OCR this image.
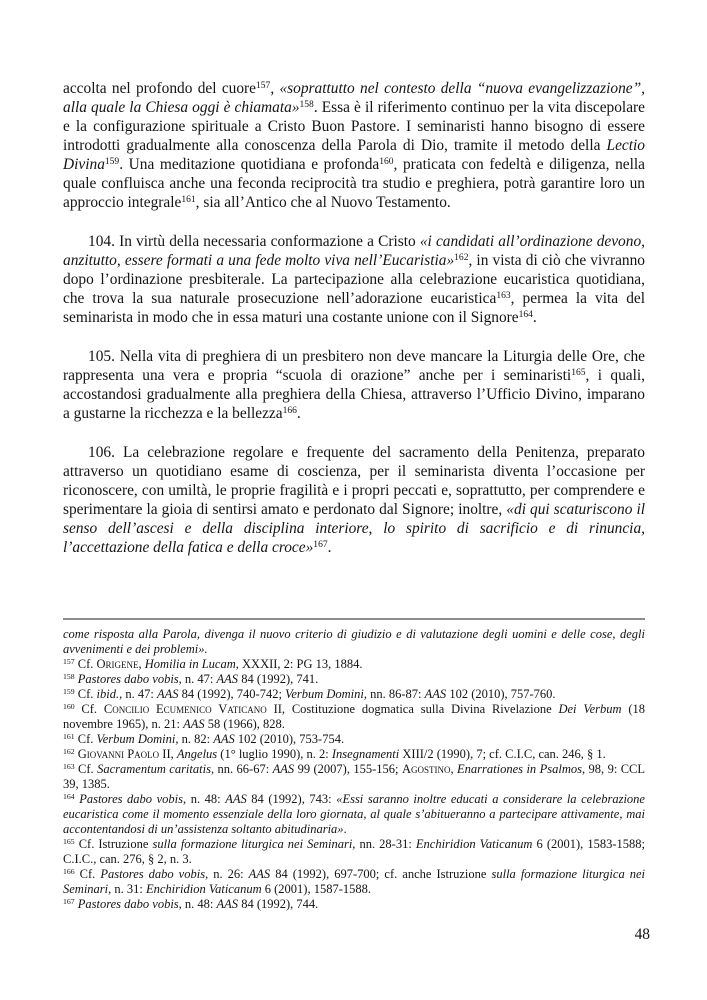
accolta nel profondo del cuore$^{157}$, «soprattutto nel contesto della “nuova evangelizzazione”, alla quale la Chiesa oggi è chiamata»$^{158}$. Essa è il riferimento continuo per la vita discepolare e la configurazione spirituale a Cristo Buon Pastore. I seminaristi hanno bisogno di essere introdotti gradualmente alla conoscenza della Parola di Dio, tramite il metodo della Lectio Divina$^{159}$. Una meditazione quotidiana e profonda$^{160}$, praticata con fedeltà e diligenza, nella quale confluisca anche una feconda reciprocità tra studio e preghiera, potrà garantire loro un approccio integrale$^{161}$, sia all’Antico che al Nuovo Testamento.

104. In virtù della necessaria conformazione a Cristo «i candidati all’ordinazione devono, anzitutto, essere formati a una fede molto viva nell’Eucaristia»$^{162}$, in vista di ciò che vivranno dopo l’ordinazione presbiterale. La partecipazione alla celebrazione eucaristica quotidiana, che trova la sua naturale prosecuzione nell’adorazione eucaristica$^{163}$, permea la vita del seminarista in modo che in essa maturi una costante unione con il Signore$^{164}$.

105. Nella vita di preghiera di un presbitero non deve mancare la Liturgia delle Ore, che rappresenta una vera e propria “scuola di orazione” anche per i seminaristi$^{165}$, i quali, accostandosi gradualmente alla preghiera della Chiesa, attraverso l’Ufficio Divino, imparano a gustarne la ricchezza e la bellezza$^{166}$.

106. La celebrazione regolare e frequente del sacramento della Penitenza, preparato attraverso un quotidiano esame di coscienza, per il seminarista diventa l’occasione per riconoscere, con umiltà, le proprie fragilità e i propri peccati e, soprattutto, per comprendere e sperimentare la gioia di sentirsi amato e perdonato dal Signore; inoltre, «di qui scaturiscono il senso dell’ascesi e della disciplina interiore, lo spirito di sacrificio e di rinuncia, l’accettazione della fatica e della croce»$^{167}$.

come risposta alla Parola, divenga il nuovo criterio di giudizio e di valutazione degli uomini e delle cose, degli avvenimenti e dei problemi».

$^{157}$ Cf. Origene, Homilia in Lucam, XXXII, 2: PG 13, 1884.

$^{158}$ Pastores dabo vobis, n. 47: AAS 84 (1992), 741.

$^{159}$ Cf. ibid., n. 47: AAS 84 (1992), 740-742; Verbum Domini, nn. 86-87: AAS 102 (2010), 757-760.

$^{160}$ Cf. Concilio Ecumenico Vaticano II, Costituzione dogmatica sulla Divina Rivelazione Dei Verbum (18 novembre 1965), n. 21: AAS 58 (1966), 828.

$^{161}$ Cf. Verbum Domini, n. 82: AAS 102 (2010), 753-754.

$^{162}$ Giovanni Paolo II, Angelus (1° luglio 1990), n. 2: Insegnamenti XIII/2 (1990), 7; cf. C.I.C, can. 246, § 1.

$^{163}$ Cf. Sacramentum caritatis, nn. 66-67: AAS 99 (2007), 155-156; Agostino, Enarrationes in Psalmos, 98, 9: CCL 39, 1385.

$^{164}$ Pastores dabo vobis, n. 48: AAS 84 (1992), 743: «Essi saranno inoltre educati a considerare la celebrazione eucaristica come il momento essenziale della loro giornata, al quale s’abitueranno a partecipare attivamente, mai accontentandosi di un’assistenza soltanto abitudinaria».

$^{165}$ Cf. Istruzione sulla formazione liturgica nei Seminari, nn. 28-31: Enchiridion Vaticanum 6 (2001), 1583-1588; C.I.C., can. 276, § 2, n. 3.

$^{166}$ Cf. Pastores dabo vobis, n. 26: AAS 84 (1992), 697-700; cf. anche Istruzione sulla formazione liturgica nei Seminari, n. 31: Enchiridion Vaticanum 6 (2001), 1587-1588.

$^{167}$ Pastores dabo vobis, n. 48: AAS 84 (1992), 744.

48
